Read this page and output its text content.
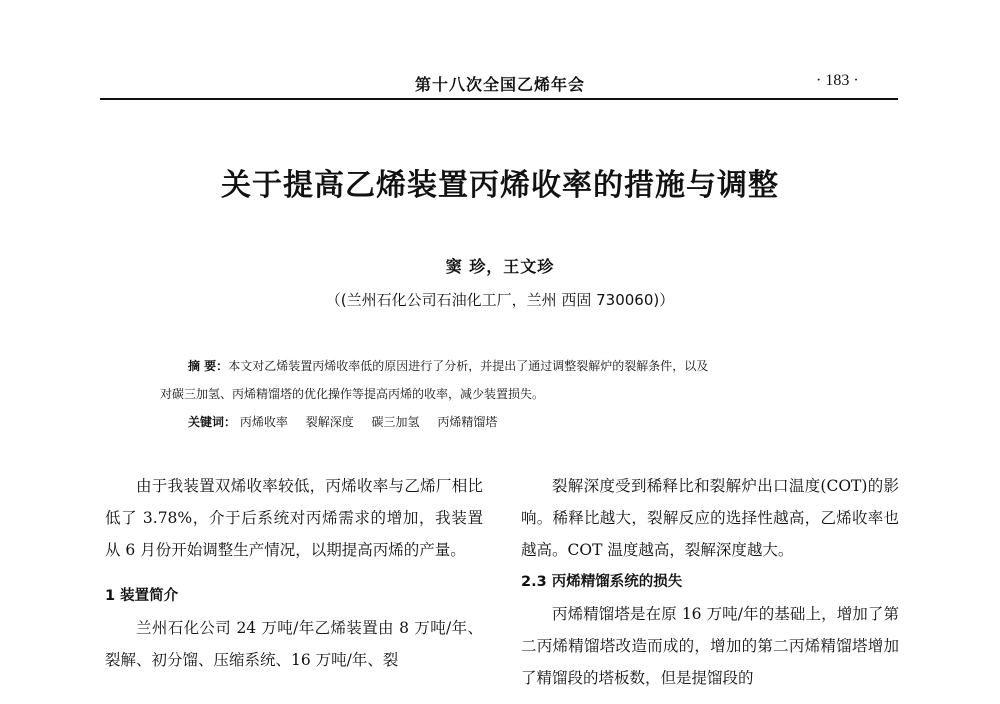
第十八次全国乙烯年会	· 183 ·
关于提高乙烯装置丙烯收率的措施与调整
窦 珍，王文珍
（(兰州石化公司石油化工厂，兰州 西固 730060)）
摘 要：本文对乙烯装置丙烯收率低的原因进行了分析，并提出了通过调整裂解炉的裂解条件，以及
对碳三加氢、丙烯精馏塔的优化操作等提高丙烯的收率，减少装置损失。
关键词： 丙烯收率 裂解深度 碳三加氢 丙烯精馏塔

由于我装置双烯收率较低，丙烯收率与乙烯厂相比低了 3.78%，介于后系统对丙烯需求的增加，我装置从 6 月份开始调整生产情况，以期提高丙烯的产量。

1 装置简介

兰州石化公司 24 万吨/年乙烯装置由 8 万吨/年、裂解、初分馏、压缩系统、16 万吨/年、裂

裂解深度受到稀释比和裂解炉出口温度(COT)的影响。稀释比越大，裂解反应的选择性越高，乙烯收率也越高。COT 温度越高，裂解深度越大。

2.3 丙烯精馏系统的损失

丙烯精馏塔是在原 16 万吨/年的基础上，增加了第二丙烯精馏塔改造而成的，增加的第二丙烯精馏塔增加了精馏段的塔板数，但是提馏段的
